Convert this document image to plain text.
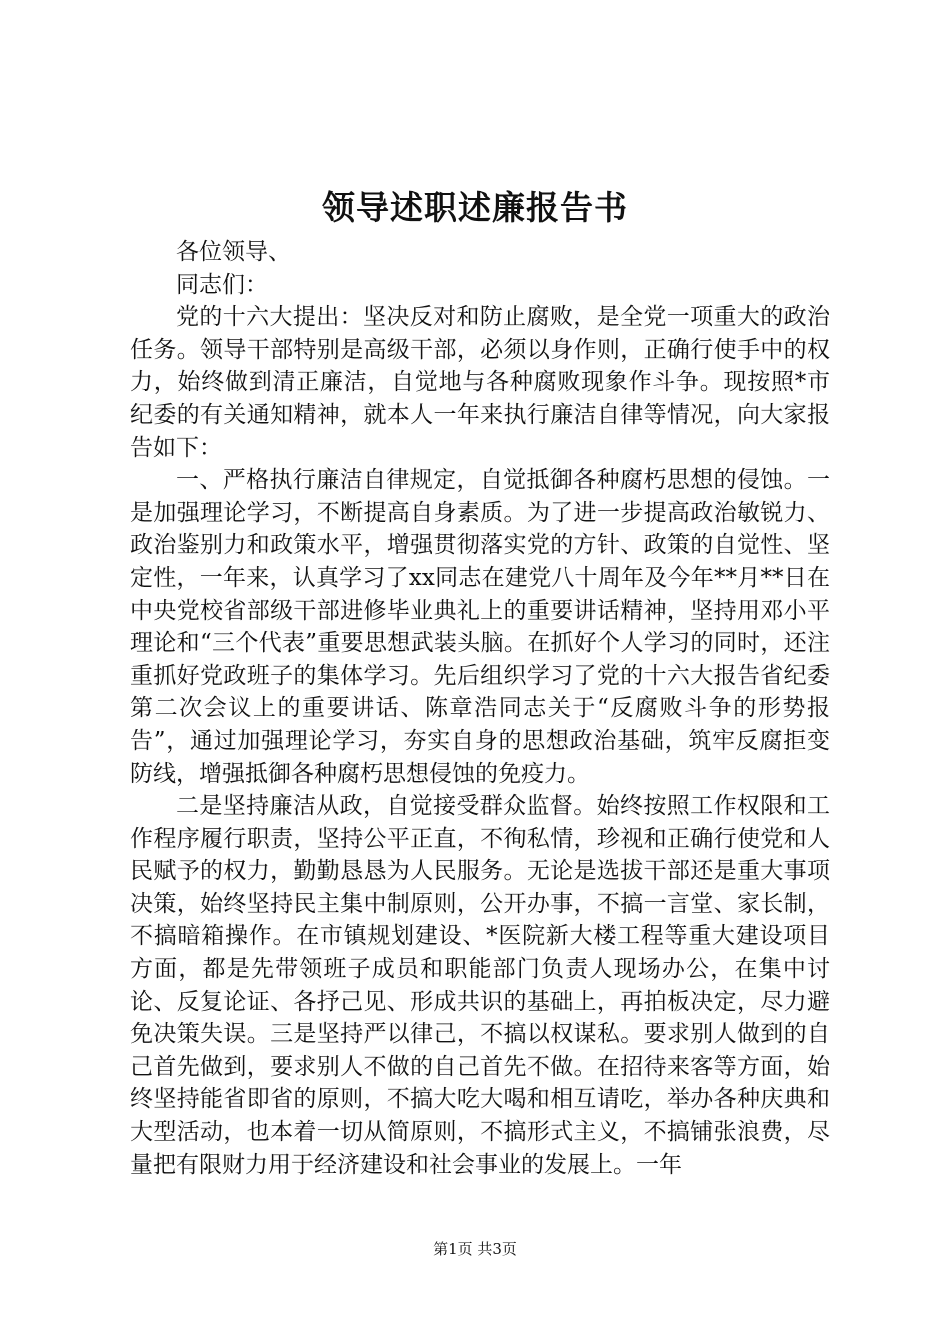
领导述职述廉报告书

各位领导、

同志们：

党的十六大提出：坚决反对和防止腐败，是全党一项重大的政治任务。领导干部特别是高级干部，必须以身作则，正确行使手中的权力，始终做到清正廉洁，自觉地与各种腐败现象作斗争。现按照*市纪委的有关通知精神，就本人一年来执行廉洁自律等情况，向大家报告如下：

一、严格执行廉洁自律规定，自觉抵御各种腐朽思想的侵蚀。一是加强理论学习，不断提高自身素质。为了进一步提高政治敏锐力、政治鉴别力和政策水平，增强贯彻落实党的方针、政策的自觉性、坚定性，一年来，认真学习了xx同志在建党八十周年及今年**月**日在中央党校省部级干部进修毕业典礼上的重要讲话精神，坚持用邓小平理论和“三个代表”重要思想武装头脑。在抓好个人学习的同时，还注重抓好党政班子的集体学习。先后组织学习了党的十六大报告省纪委第二次会议上的重要讲话、陈章浩同志关于“反腐败斗争的形势报告”，通过加强理论学习，夯实自身的思想政治基础，筑牢反腐拒变防线，增强抵御各种腐朽思想侵蚀的免疫力。

二是坚持廉洁从政，自觉接受群众监督。始终按照工作权限和工作程序履行职责，坚持公平正直，不徇私情，珍视和正确行使党和人民赋予的权力，勤勤恳恳为人民服务。无论是选拔干部还是重大事项决策，始终坚持民主集中制原则，公开办事，不搞一言堂、家长制，不搞暗箱操作。在市镇规划建设、*医院新大楼工程等重大建设项目方面，都是先带领班子成员和职能部门负责人现场办公，在集中讨论、反复论证、各抒己见、形成共识的基础上，再拍板决定，尽力避免决策失误。三是坚持严以律己，不搞以权谋私。要求别人做到的自己首先做到，要求别人不做的自己首先不做。在招待来客等方面，始终坚持能省即省的原则，不搞大吃大喝和相互请吃，举办各种庆典和大型活动，也本着一切从简原则，不搞形式主义，不搞铺张浪费，尽量把有限财力用于经济建设和社会事业的发展上。一年

第1页 共3页
